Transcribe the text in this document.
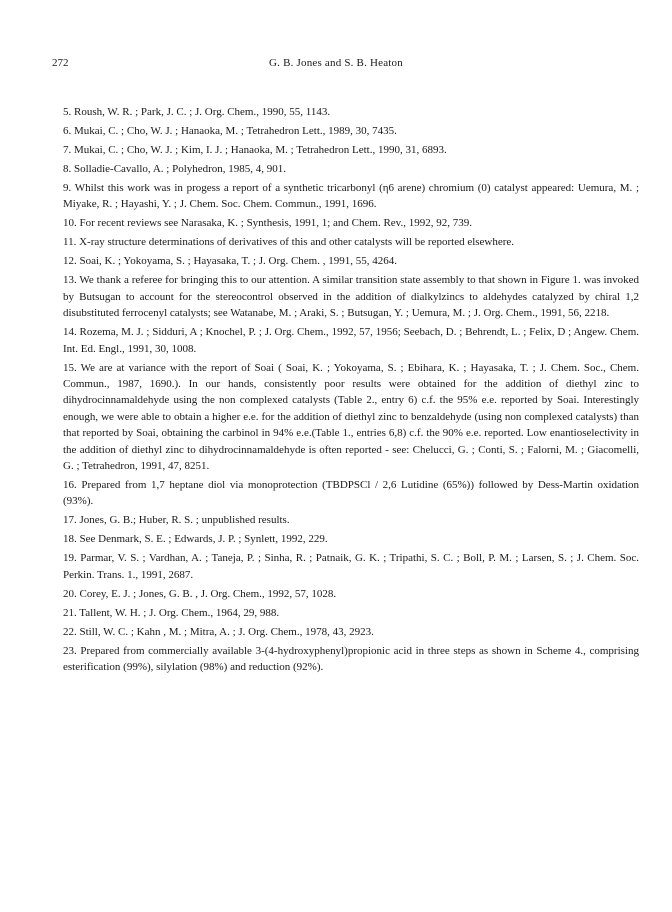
272	G. B. Jones and S. B. Heaton
5. Roush, W. R. ; Park, J. C. ; J. Org. Chem., 1990, 55, 1143.
6. Mukai, C. ; Cho, W. J. ; Hanaoka, M. ; Tetrahedron Lett., 1989, 30, 7435.
7. Mukai, C. ; Cho, W. J. ; Kim, I. J. ; Hanaoka, M. ; Tetrahedron Lett., 1990, 31, 6893.
8. Solladie-Cavallo, A. ; Polyhedron, 1985, 4, 901.
9. Whilst this work was in progess a report of a synthetic tricarbonyl (η6 arene) chromium (0) catalyst appeared: Uemura, M. ; Miyake, R. ; Hayashi, Y. ; J. Chem. Soc. Chem. Commun., 1991, 1696.
10. For recent reviews see Narasaka, K. ; Synthesis, 1991, 1; and Chem. Rev., 1992, 92, 739.
11. X-ray structure determinations of derivatives of this and other catalysts will be reported elsewhere.
12. Soai, K. ; Yokoyama, S. ; Hayasaka, T. ; J. Org. Chem. , 1991, 55, 4264.
13. We thank a referee for bringing this to our attention. A similar transition state assembly to that shown in Figure 1. was invoked by Butsugan to account for the stereocontrol observed in the addition of dialkylzincs to aldehydes catalyzed by chiral 1,2 disubstituted ferrocenyl catalysts; see Watanabe, M. ; Araki, S. ; Butsugan, Y. ; Uemura, M. ; J. Org. Chem., 1991, 56, 2218.
14. Rozema, M. J. ; Sidduri, A ; Knochel, P. ; J. Org. Chem., 1992, 57, 1956; Seebach, D. ; Behrendt, L. ; Felix, D ; Angew. Chem. Int. Ed. Engl., 1991, 30, 1008.
15. We are at variance with the report of Soai ( Soai, K. ; Yokoyama, S. ; Ebihara, K. ; Hayasaka, T. ; J. Chem. Soc., Chem. Commun., 1987, 1690.). In our hands, consistently poor results were obtained for the addition of diethyl zinc to dihydrocinnamaldehyde using the non complexed catalysts (Table 2., entry 6) c.f. the 95% e.e. reported by Soai. Interestingly enough, we were able to obtain a higher e.e. for the addition of diethyl zinc to benzaldehyde (using non complexed catalysts) than that reported by Soai, obtaining the carbinol in 94% e.e.(Table 1., entries 6,8) c.f. the 90% e.e. reported. Low enantioselectivity in the addition of diethyl zinc to dihydrocinnamaldehyde is often reported - see: Chelucci, G. ; Conti, S. ; Falorni, M. ; Giacomelli, G. ; Tetrahedron, 1991, 47, 8251.
16. Prepared from 1,7 heptane diol via monoprotection (TBDPSCl / 2,6 Lutidine (65%)) followed by Dess-Martin oxidation (93%).
17. Jones, G. B.; Huber, R. S. ; unpublished results.
18. See Denmark, S. E. ; Edwards, J. P. ; Synlett, 1992, 229.
19. Parmar, V. S. ; Vardhan, A. ; Taneja, P. ; Sinha, R. ; Patnaik, G. K. ; Tripathi, S. C. ; Boll, P. M. ; Larsen, S. ; J. Chem. Soc. Perkin. Trans. 1., 1991, 2687.
20. Corey, E. J. ; Jones, G. B. , J. Org. Chem., 1992, 57, 1028.
21. Tallent, W. H. ; J. Org. Chem., 1964, 29, 988.
22. Still, W. C. ; Kahn , M. ; Mitra, A. ; J. Org. Chem., 1978, 43, 2923.
23. Prepared from commercially available 3-(4-hydroxyphenyl)propionic acid in three steps as shown in Scheme 4., comprising esterification (99%), silylation (98%) and reduction (92%).
